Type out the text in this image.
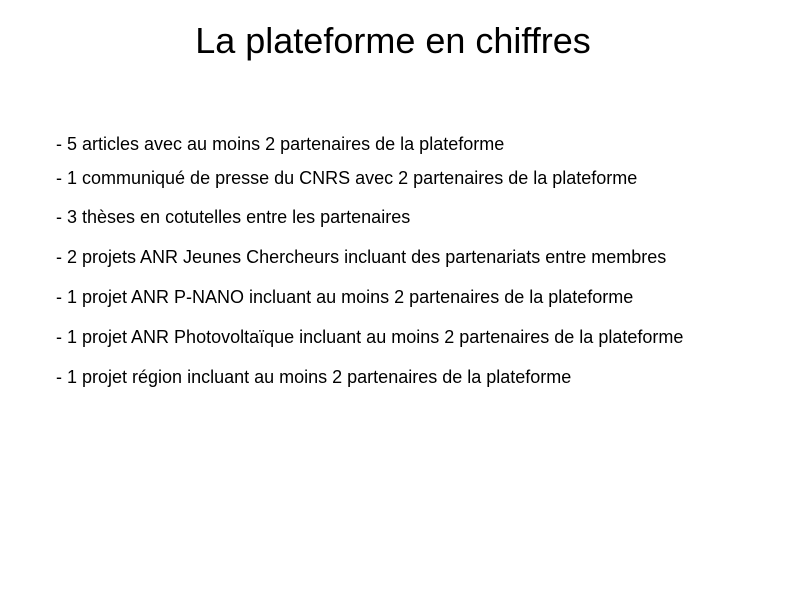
La plateforme en chiffres
- 5 articles avec au moins 2 partenaires de la plateforme
- 1 communiqué de presse du CNRS avec 2 partenaires de la plateforme
- 3 thèses en cotutelles entre les partenaires
- 2 projets ANR Jeunes Chercheurs incluant des partenariats entre membres
- 1 projet ANR P-NANO incluant au moins 2 partenaires de la plateforme
- 1 projet ANR Photovoltaïque incluant au moins 2 partenaires de la plateforme
- 1 projet région incluant au moins 2 partenaires de la plateforme
